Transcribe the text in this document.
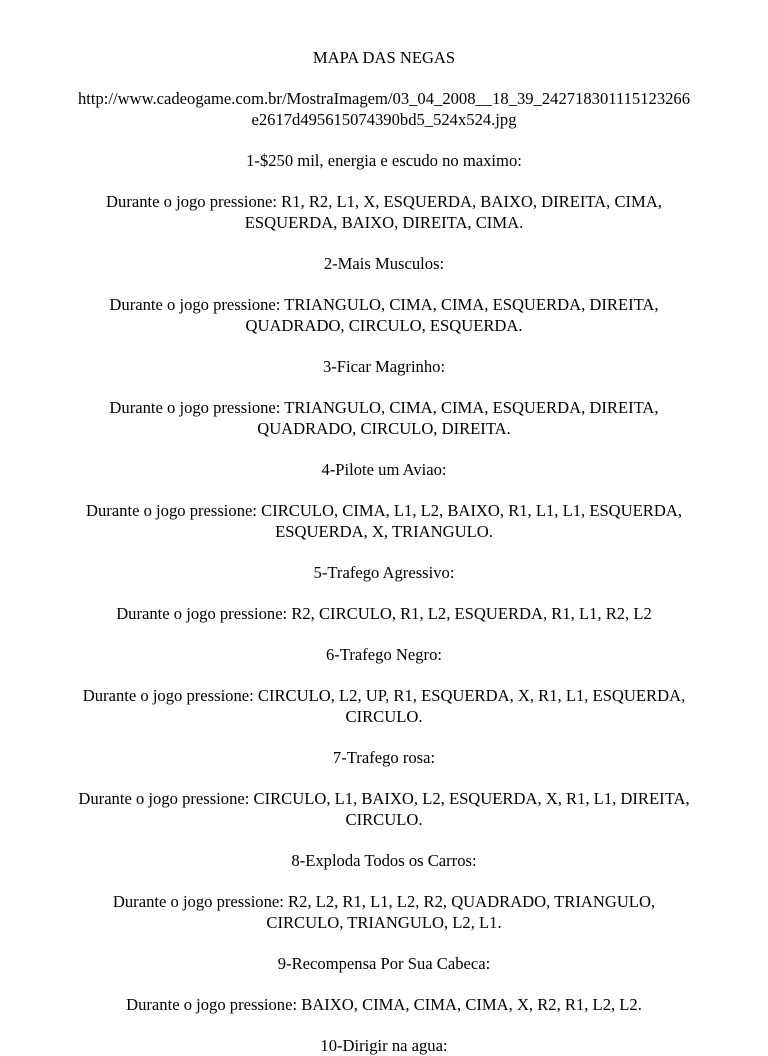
MAPA DAS NEGAS

http://www.cadeogame.com.br/MostraImagem/03_04_2008__18_39_242718301115123266

e2617d495615074390bd5_524x524.jpg

1-$250 mil, energia e escudo no maximo:

Durante o jogo pressione: R1, R2, L1, X, ESQUERDA, BAIXO, DIREITA, CIMA,

ESQUERDA, BAIXO, DIREITA, CIMA.

2-Mais Musculos:

Durante o jogo pressione: TRIANGULO, CIMA, CIMA, ESQUERDA, DIREITA,

QUADRADO, CIRCULO, ESQUERDA.

3-Ficar Magrinho:

Durante o jogo pressione: TRIANGULO, CIMA, CIMA, ESQUERDA, DIREITA,

QUADRADO, CIRCULO, DIREITA.

4-Pilote um Aviao:

Durante o jogo pressione: CIRCULO, CIMA, L1, L2, BAIXO, R1, L1, L1, ESQUERDA,

ESQUERDA, X, TRIANGULO.

5-Trafego Agressivo:

Durante o jogo pressione: R2, CIRCULO, R1, L2, ESQUERDA, R1, L1, R2, L2

6-Trafego Negro:

Durante o jogo pressione: CIRCULO, L2, UP, R1, ESQUERDA, X, R1, L1, ESQUERDA,

CIRCULO.

7-Trafego rosa:

Durante o jogo pressione: CIRCULO, L1, BAIXO, L2, ESQUERDA, X, R1, L1, DIREITA,

CIRCULO.

8-Exploda Todos os Carros:

Durante o jogo pressione: R2, L2, R1, L1, L2, R2, QUADRADO, TRIANGULO,

CIRCULO, TRIANGULO, L2, L1.

9-Recompensa Por Sua Cabeca:

Durante o jogo pressione: BAIXO, CIMA, CIMA, CIMA, X, R2, R1, L2, L2.

10-Dirigir na agua:
